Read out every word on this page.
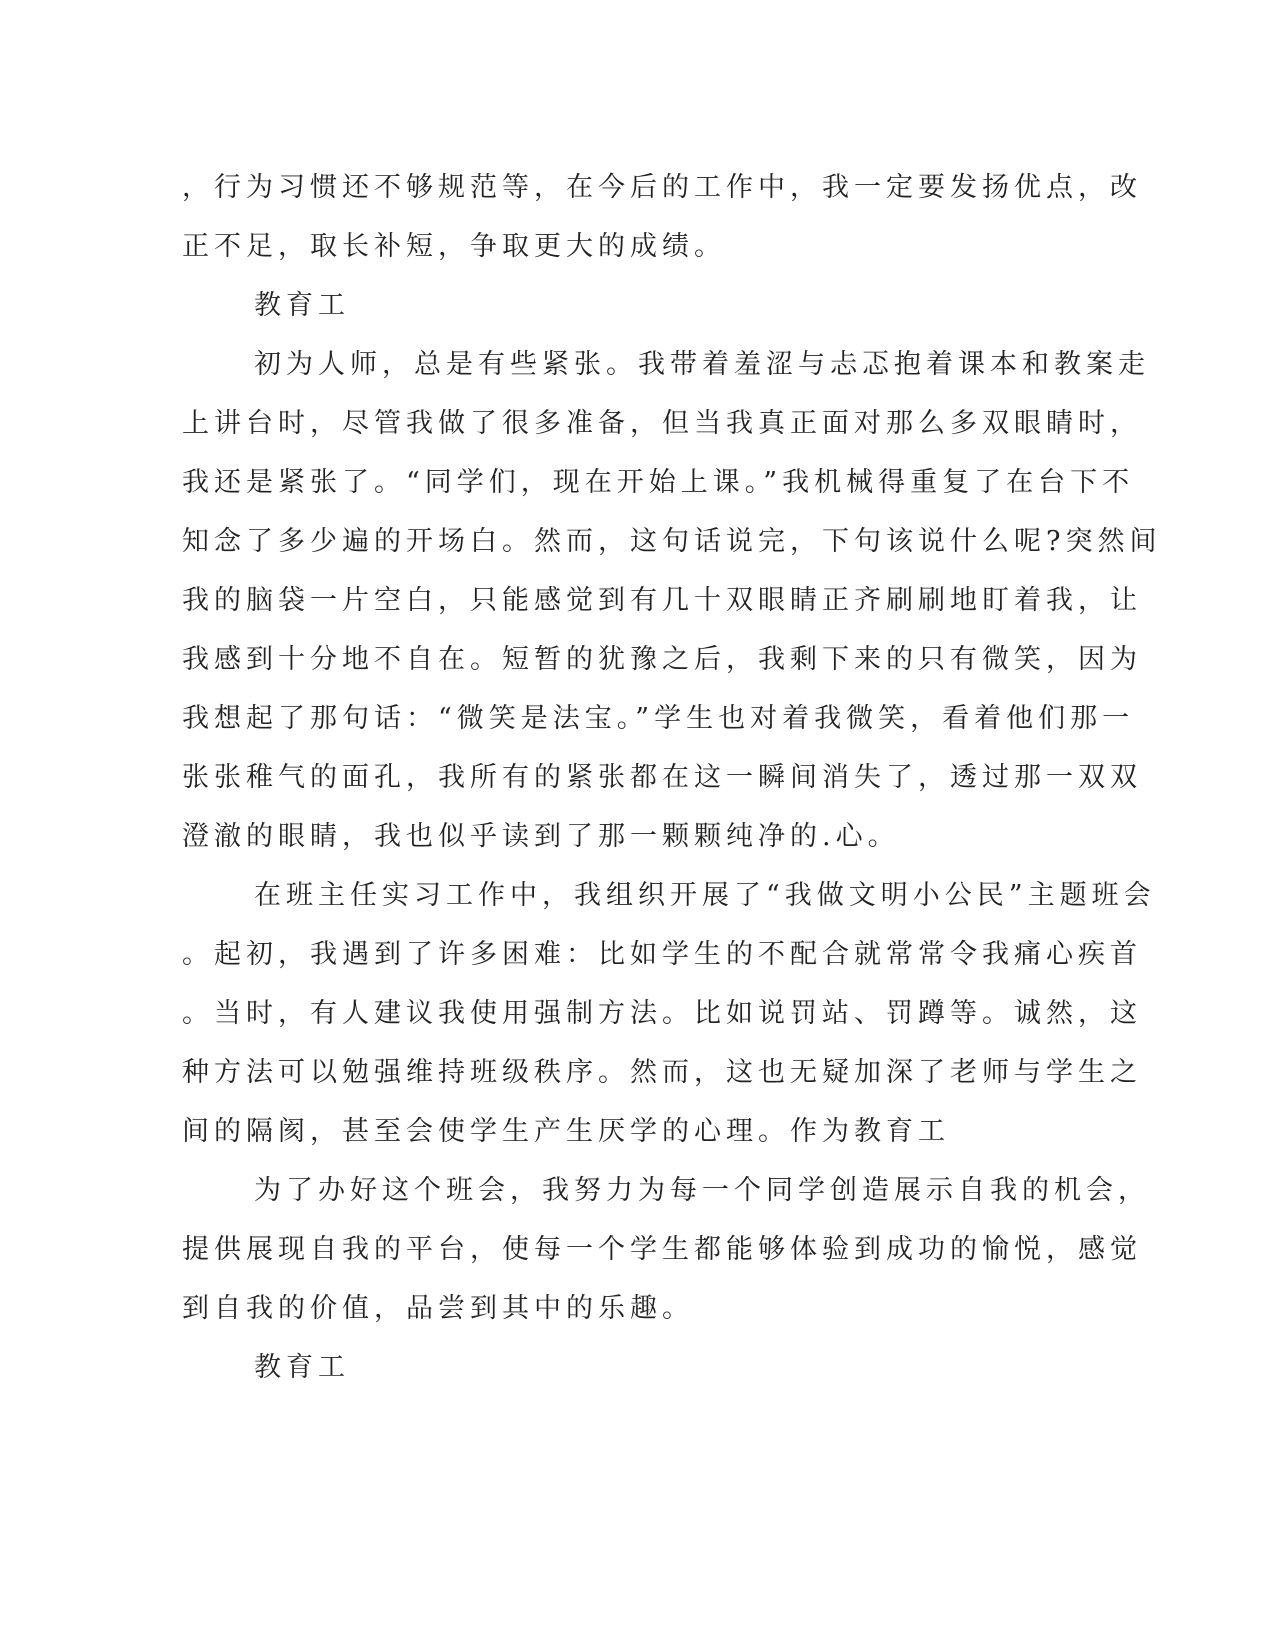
，行为习惯还不够规范等，在今后的工作中，我一定要发扬优点，改
正不足，取长补短，争取更大的成绩。
教育工
初为人师，总是有些紧张。我带着羞涩与忐忑抱着课本和教案走
上讲台时，尽管我做了很多准备，但当我真正面对那么多双眼睛时，
我还是紧张了。“同学们，现在开始上课。”我机械得重复了在台下不
知念了多少遍的开场白。然而，这句话说完，下句该说什么呢?突然间
我的脑袋一片空白，只能感觉到有几十双眼睛正齐刷刷地盯着我，让
我感到十分地不自在。短暂的犹豫之后，我剩下来的只有微笑，因为
我想起了那句话：“微笑是法宝。”学生也对着我微笑，看着他们那一
张张稚气的面孔，我所有的紧张都在这一瞬间消失了，透过那一双双
澄澈的眼睛，我也似乎读到了那一颗颗纯净的.心。
在班主任实习工作中，我组织开展了“我做文明小公民”主题班会
。起初，我遇到了许多困难：比如学生的不配合就常常令我痛心疾首
。当时，有人建议我使用强制方法。比如说罚站、罚蹲等。诚然，这
种方法可以勉强维持班级秩序。然而，这也无疑加深了老师与学生之
间的隔阂，甚至会使学生产生厌学的心理。作为教育工
为了办好这个班会，我努力为每一个同学创造展示自我的机会，
提供展现自我的平台，使每一个学生都能够体验到成功的愉悦，感觉
到自我的价值，品尝到其中的乐趣。
教育工
